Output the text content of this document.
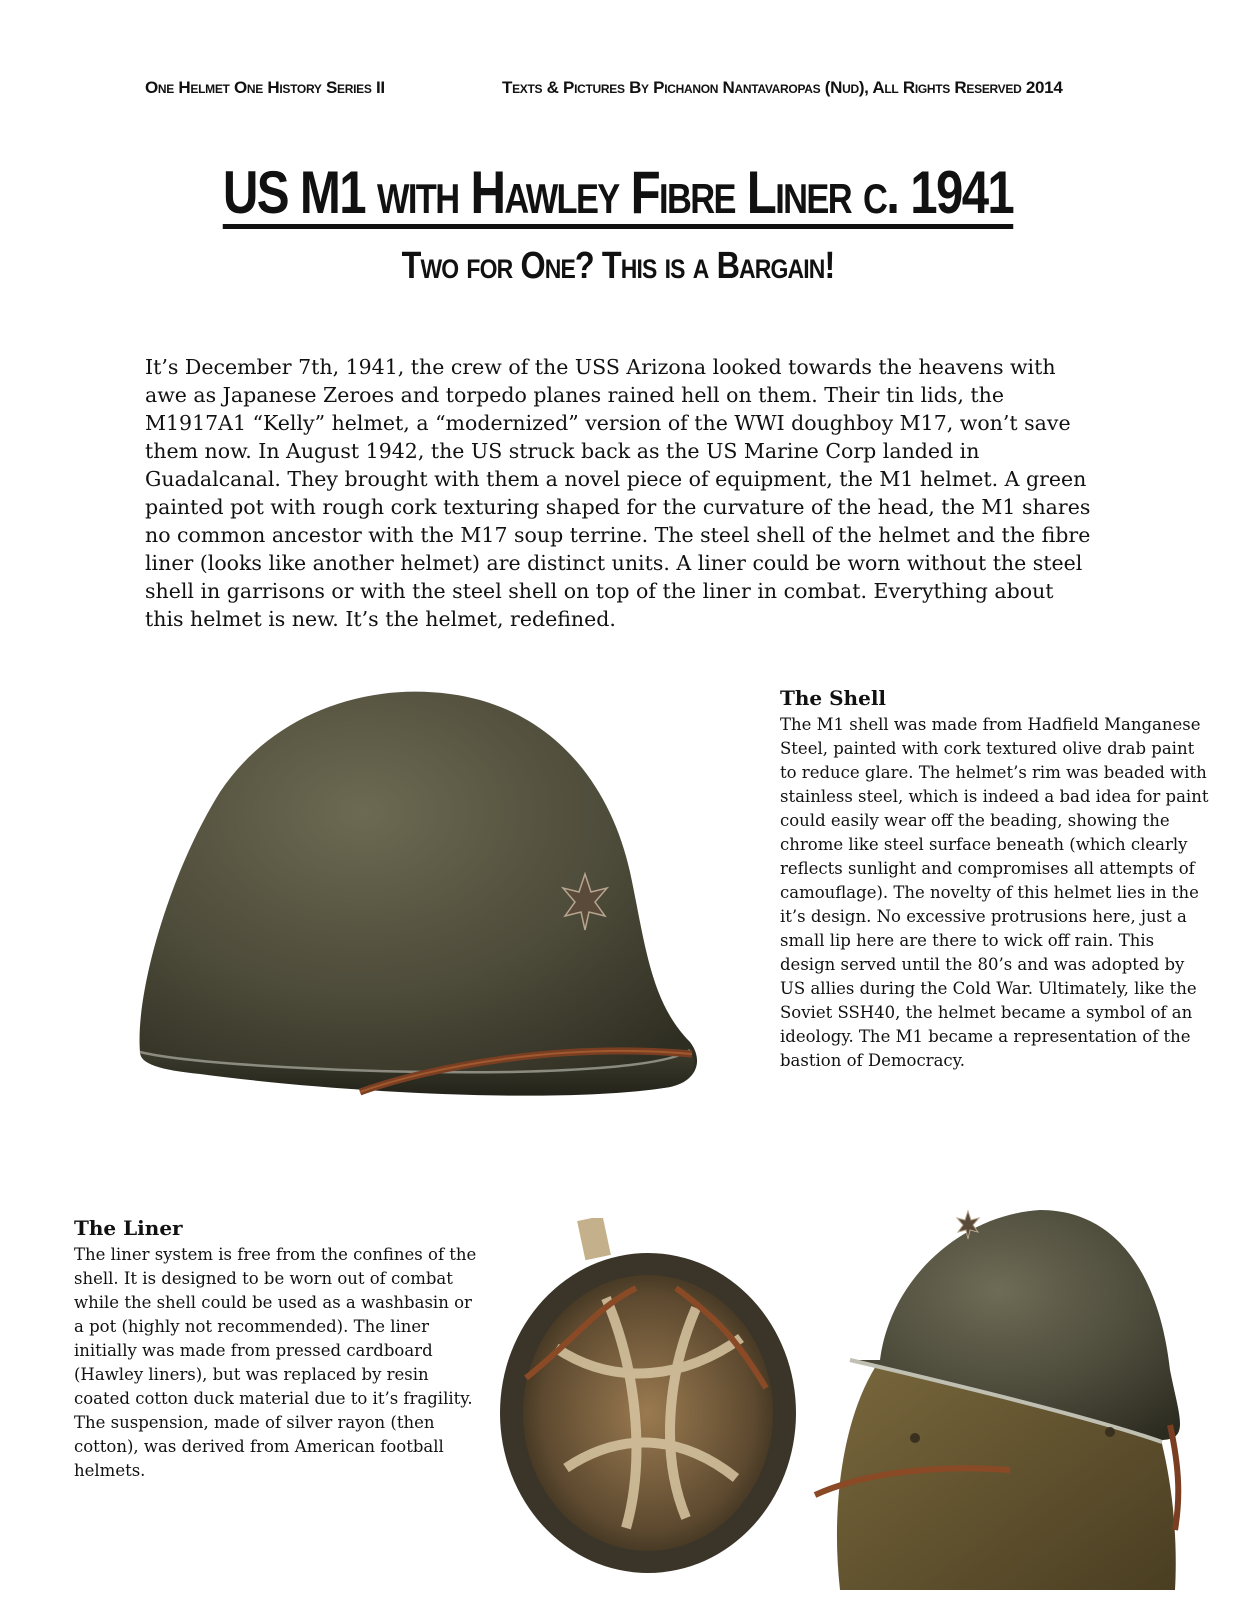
One Helmet One History Series II	Texts & Pictures By Pichanon Nantavaropas (Nud), All Rights Reserved 2014
US M1 with Hawley Fibre Liner c. 1941
Two for One? This is a Bargain!

It’s December 7th, 1941, the crew of the USS Arizona looked towards the heavens with awe as Japanese Zeroes and torpedo planes rained hell on them. Their tin lids, the M1917A1 “Kelly” helmet, a “modernized” version of the WWI doughboy M17, won’t save them now. In August 1942, the US struck back as the US Marine Corp landed in Guadalcanal. They brought with them a novel piece of equipment, the M1 helmet. A green painted pot with rough cork texturing shaped for the curvature of the head, the M1 shares no common ancestor with the M17 soup terrine. The steel shell of the helmet and the fibre liner (looks like another helmet) are distinct units. A liner could be worn without the steel shell in garrisons or with the steel shell on top of the liner in combat. Everything about this helmet is new. It’s the helmet, redefined.

The Shell

The M1 shell was made from Hadfield Manganese Steel, painted with cork textured olive drab paint to reduce glare. The helmet’s rim was beaded with stainless steel, which is indeed a bad idea for paint could easily wear off the beading, showing the chrome like steel surface beneath (which clearly reflects sunlight and compromises all attempts of camouflage). The novelty of this helmet lies in the it’s design. No excessive protrusions here, just a small lip here are there to wick off rain. This design served until the 80’s and was adopted by US allies during the Cold War. Ultimately, like the Soviet SSH40, the helmet became a symbol of an ideology. The M1 became a representation of the bastion of Democracy.

The Liner

The liner system is free from the confines of the shell. It is designed to be worn out of combat while the shell could be used as a washbasin or a pot (highly not recommended). The liner initially was made from pressed cardboard (Hawley liners), but was replaced by resin coated cotton duck material due to it’s fragility. The suspension, made of silver rayon (then cotton), was derived from American football helmets.
